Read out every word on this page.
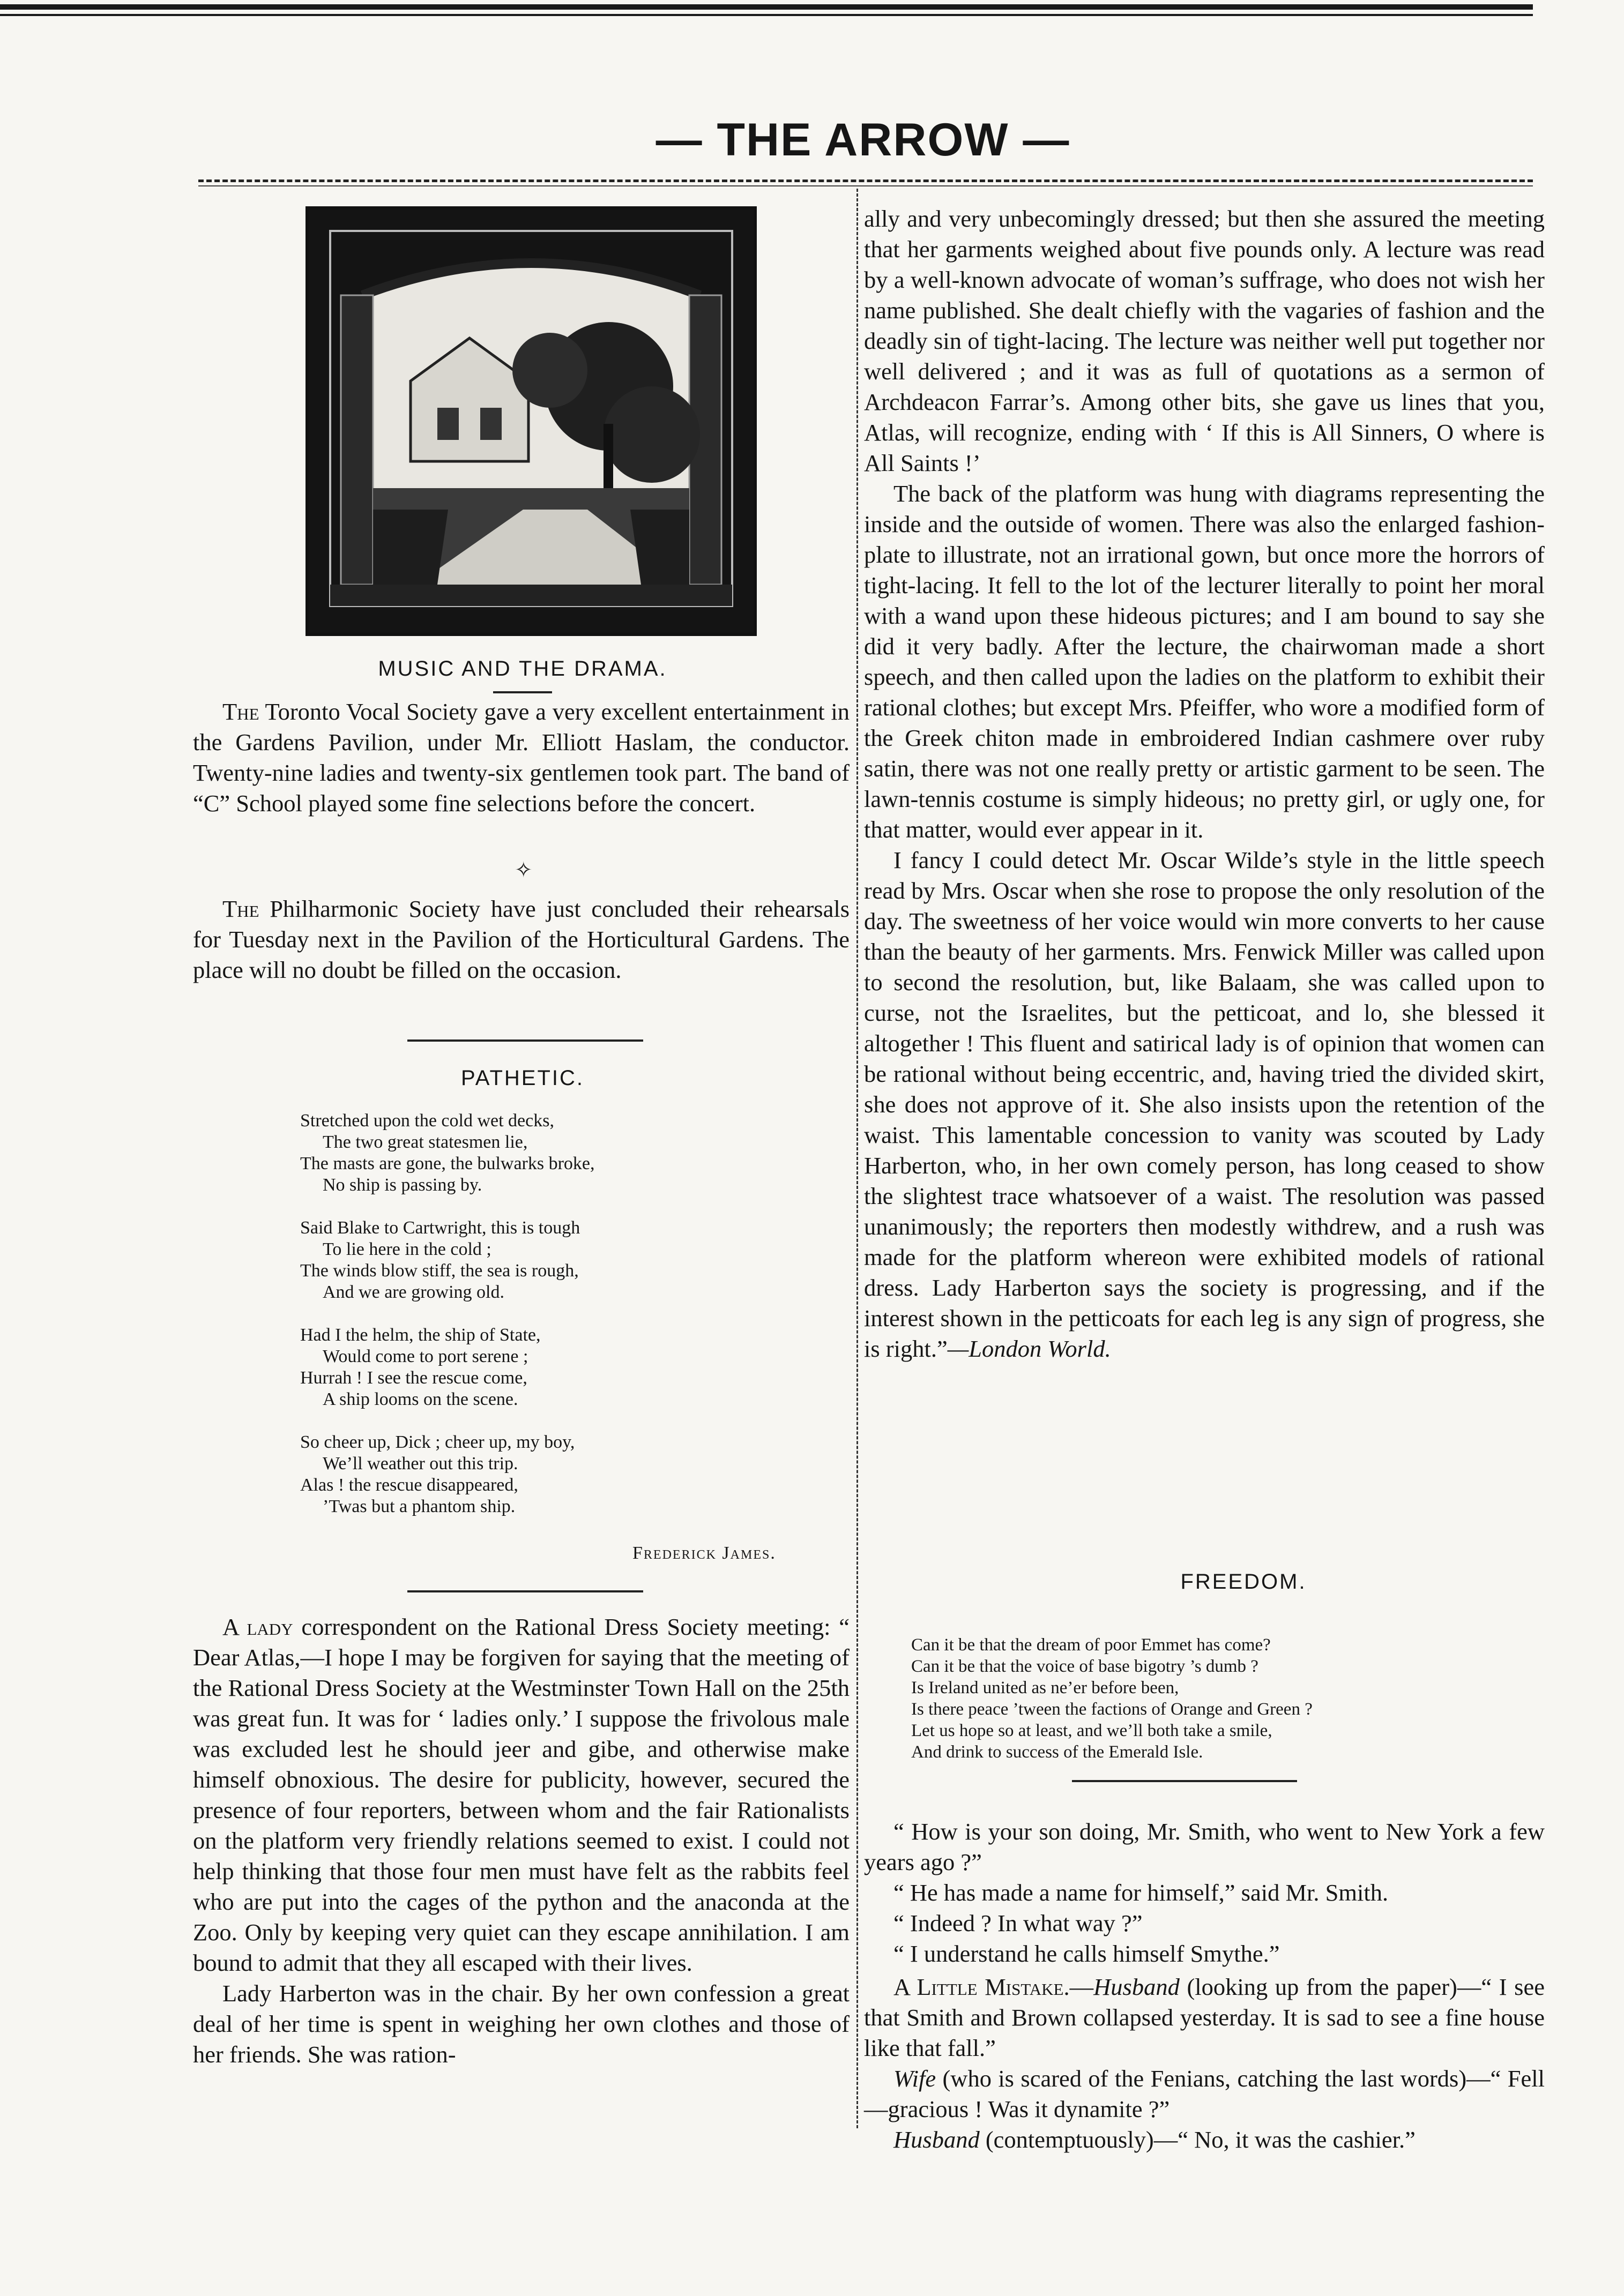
— THE ARROW —
MUSIC AND THE DRAMA.

The Toronto Vocal Society gave a very excellent entertainment in the Gardens Pavilion, under Mr. Elliott Haslam, the conductor. Twenty-nine ladies and twenty-six gentlemen took part. The band of “C” School played some fine selections before the concert.

✧

The Philharmonic Society have just concluded their rehearsals for Tuesday next in the Pavilion of the Horticultural Gardens. The place will no doubt be filled on the occasion.

PATHETIC.
Stretched upon the cold wet decks,
The two great statesmen lie,
The masts are gone, the bulwarks broke,
No ship is passing by.
Said Blake to Cartwright, this is tough
To lie here in the cold ;
The winds blow stiff, the sea is rough,
And we are growing old.
Had I the helm, the ship of State,
Would come to port serene ;
Hurrah ! I see the rescue come,
A ship looms on the scene.
So cheer up, Dick ; cheer up, my boy,
We’ll weather out this trip.
Alas ! the rescue disappeared,
’Twas but a phantom ship.
Frederick James.

A lady correspondent on the Rational Dress Society meeting: “ Dear Atlas,—I hope I may be forgiven for saying that the meeting of the Rational Dress Society at the Westminster Town Hall on the 25th was great fun. It was for ‘ ladies only.’ I suppose the frivolous male was excluded lest he should jeer and gibe, and otherwise make himself obnoxious. The desire for publicity, however, secured the presence of four reporters, between whom and the fair Rationalists on the platform very friendly relations seemed to exist. I could not help thinking that those four men must have felt as the rabbits feel who are put into the cages of the python and the anaconda at the Zoo. Only by keeping very quiet can they escape annihilation. I am bound to admit that they all escaped with their lives.

Lady Harberton was in the chair. By her own confession a great deal of her time is spent in weighing her own clothes and those of her friends. She was ration-

ally and very unbecomingly dressed; but then she assured the meeting that her garments weighed about five pounds only. A lecture was read by a well-known advocate of woman’s suffrage, who does not wish her name published. She dealt chiefly with the vagaries of fashion and the deadly sin of tight-lacing. The lecture was neither well put together nor well delivered ; and it was as full of quotations as a sermon of Archdeacon Farrar’s. Among other bits, she gave us lines that you, Atlas, will recognize, ending with ‘ If this is All Sinners, O where is All Saints !’

The back of the platform was hung with diagrams representing the inside and the outside of women. There was also the enlarged fashion-plate to illustrate, not an irrational gown, but once more the horrors of tight-lacing. It fell to the lot of the lecturer literally to point her moral with a wand upon these hideous pictures; and I am bound to say she did it very badly. After the lecture, the chairwoman made a short speech, and then called upon the ladies on the platform to exhibit their rational clothes; but except Mrs. Pfeiffer, who wore a modified form of the Greek chiton made in embroidered Indian cashmere over ruby satin, there was not one really pretty or artistic garment to be seen. The lawn-tennis costume is simply hideous; no pretty girl, or ugly one, for that matter, would ever appear in it.

I fancy I could detect Mr. Oscar Wilde’s style in the little speech read by Mrs. Oscar when she rose to propose the only resolution of the day. The sweetness of her voice would win more converts to her cause than the beauty of her garments. Mrs. Fenwick Miller was called upon to second the resolution, but, like Balaam, she was called upon to curse, not the Israelites, but the petticoat, and lo, she blessed it altogether ! This fluent and satirical lady is of opinion that women can be rational without being eccentric, and, having tried the divided skirt, she does not approve of it. She also insists upon the retention of the waist. This lamentable concession to vanity was scouted by Lady Harberton, who, in her own comely person, has long ceased to show the slightest trace whatsoever of a waist. The resolution was passed unanimously; the reporters then modestly withdrew, and a rush was made for the platform whereon were exhibited models of rational dress. Lady Harberton says the society is progressing, and if the interest shown in the petticoats for each leg is any sign of progress, she is right.”—London World.

FREEDOM.
Can it be that the dream of poor Emmet has come?
Can it be that the voice of base bigotry ’s dumb ?
Is Ireland united as ne’er before been,
Is there peace ’tween the factions of Orange and Green ?
Let us hope so at least, and we’ll both take a smile,
And drink to success of the Emerald Isle.

“ How is your son doing, Mr. Smith, who went to New York a few years ago ?”

“ He has made a name for himself,” said Mr. Smith.

“ Indeed ? In what way ?”

“ I understand he calls himself Smythe.”

A Little Mistake.—Husband (looking up from the paper)—“ I see that Smith and Brown collapsed yesterday. It is sad to see a fine house like that fall.”

Wife (who is scared of the Fenians, catching the last words)—“ Fell—gracious ! Was it dynamite ?”

Husband (contemptuously)—“ No, it was the cashier.”
